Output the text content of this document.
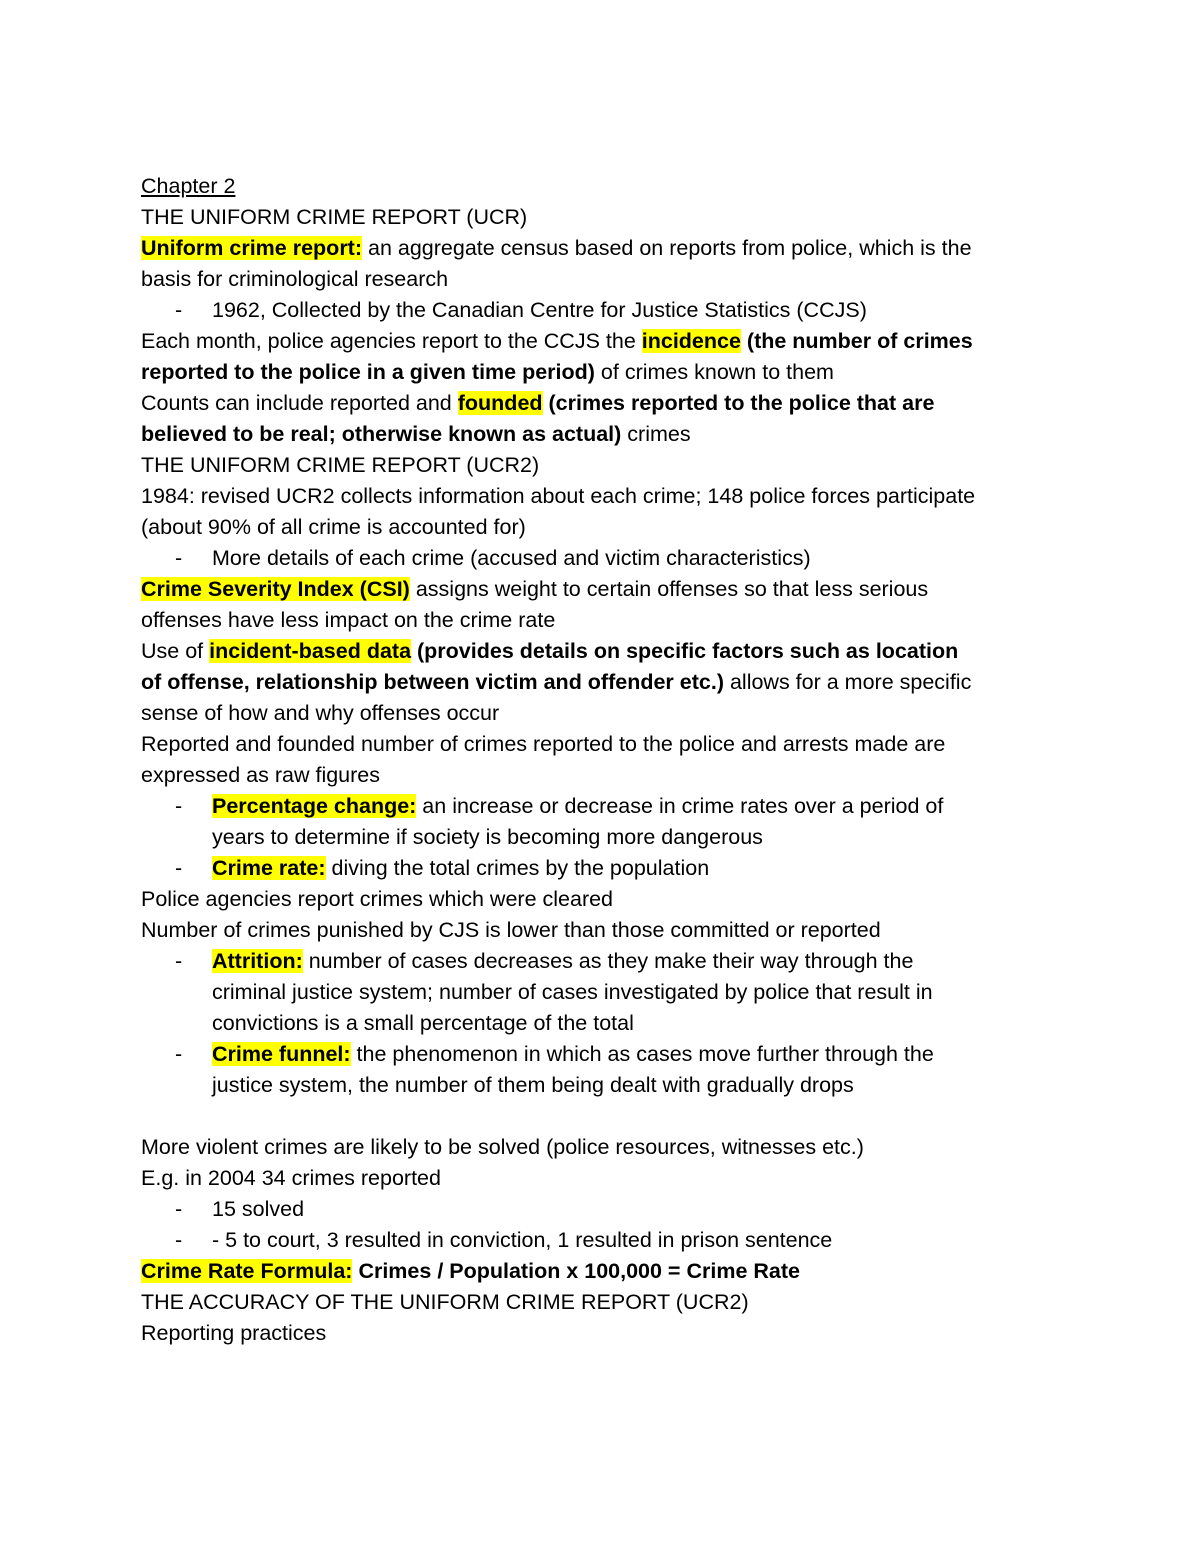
Chapter 2
THE UNIFORM CRIME REPORT (UCR)
Uniform crime report: an aggregate census based on reports from police, which is the
basis for criminological research
-	1962, Collected by the Canadian Centre for Justice Statistics (CCJS)
Each month, police agencies report to the CCJS the incidence (the number of crimes
reported to the police in a given time period) of crimes known to them
Counts can include reported and founded (crimes reported to the police that are
believed to be real; otherwise known as actual) crimes
THE UNIFORM CRIME REPORT (UCR2)
1984: revised UCR2 collects information about each crime; 148 police forces participate
(about 90% of all crime is accounted for)
-	More details of each crime (accused and victim characteristics)
Crime Severity Index (CSI) assigns weight to certain offenses so that less serious
offenses have less impact on the crime rate
Use of incident-based data (provides details on specific factors such as location
of offense, relationship between victim and offender etc.) allows for a more specific
sense of how and why offenses occur
Reported and founded number of crimes reported to the police and arrests made are
expressed as raw figures
-	Percentage change: an increase or decrease in crime rates over a period of
years to determine if society is becoming more dangerous
-	Crime rate: diving the total crimes by the population
Police agencies report crimes which were cleared
Number of crimes punished by CJS is lower than those committed or reported
-	Attrition: number of cases decreases as they make their way through the
criminal justice system; number of cases investigated by police that result in
convictions is a small percentage of the total
-	Crime funnel: the phenomenon in which as cases move further through the
justice system, the number of them being dealt with gradually drops
More violent crimes are likely to be solved (police resources, witnesses etc.)
E.g. in 2004 34 crimes reported
-	15 solved
-	- 5 to court, 3 resulted in conviction, 1 resulted in prison sentence
Crime Rate Formula: Crimes / Population x 100,000 = Crime Rate
THE ACCURACY OF THE UNIFORM CRIME REPORT (UCR2)
Reporting practices
